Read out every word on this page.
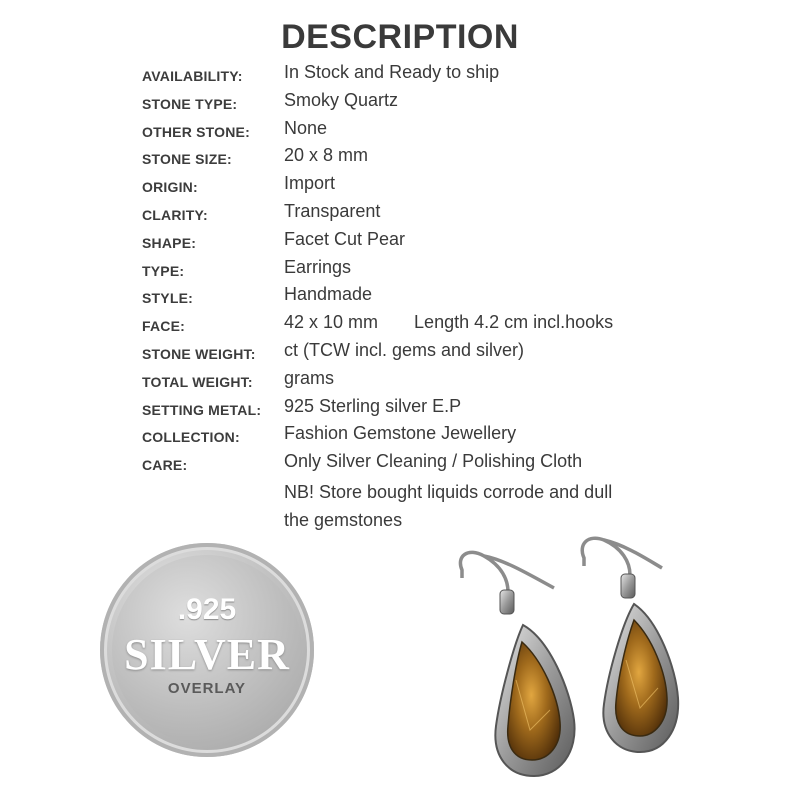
DESCRIPTION
AVAILABILITY: In Stock and Ready to ship
STONE TYPE:	Smoky Quartz
OTHER STONE: None
STONE SIZE:	20 x 8 mm
ORIGIN:	Import
CLARITY:	Transparent
SHAPE:	Facet Cut Pear
TYPE:	Earrings
STYLE:	Handmade
FACE:	42 x 10 mm Length 4.2 cm incl.hooks
STONE WEIGHT: ct (TCW incl. gems and silver)
TOTAL WEIGHT: grams
SETTING METAL: 925 Sterling silver E.P
COLLECTION: Fashion Gemstone Jewellery
CARE:	Only Silver Cleaning / Polishing Cloth
NB! Store bought liquids corrode and dull
the gemstones
.925
SILVER
OVERLAY
